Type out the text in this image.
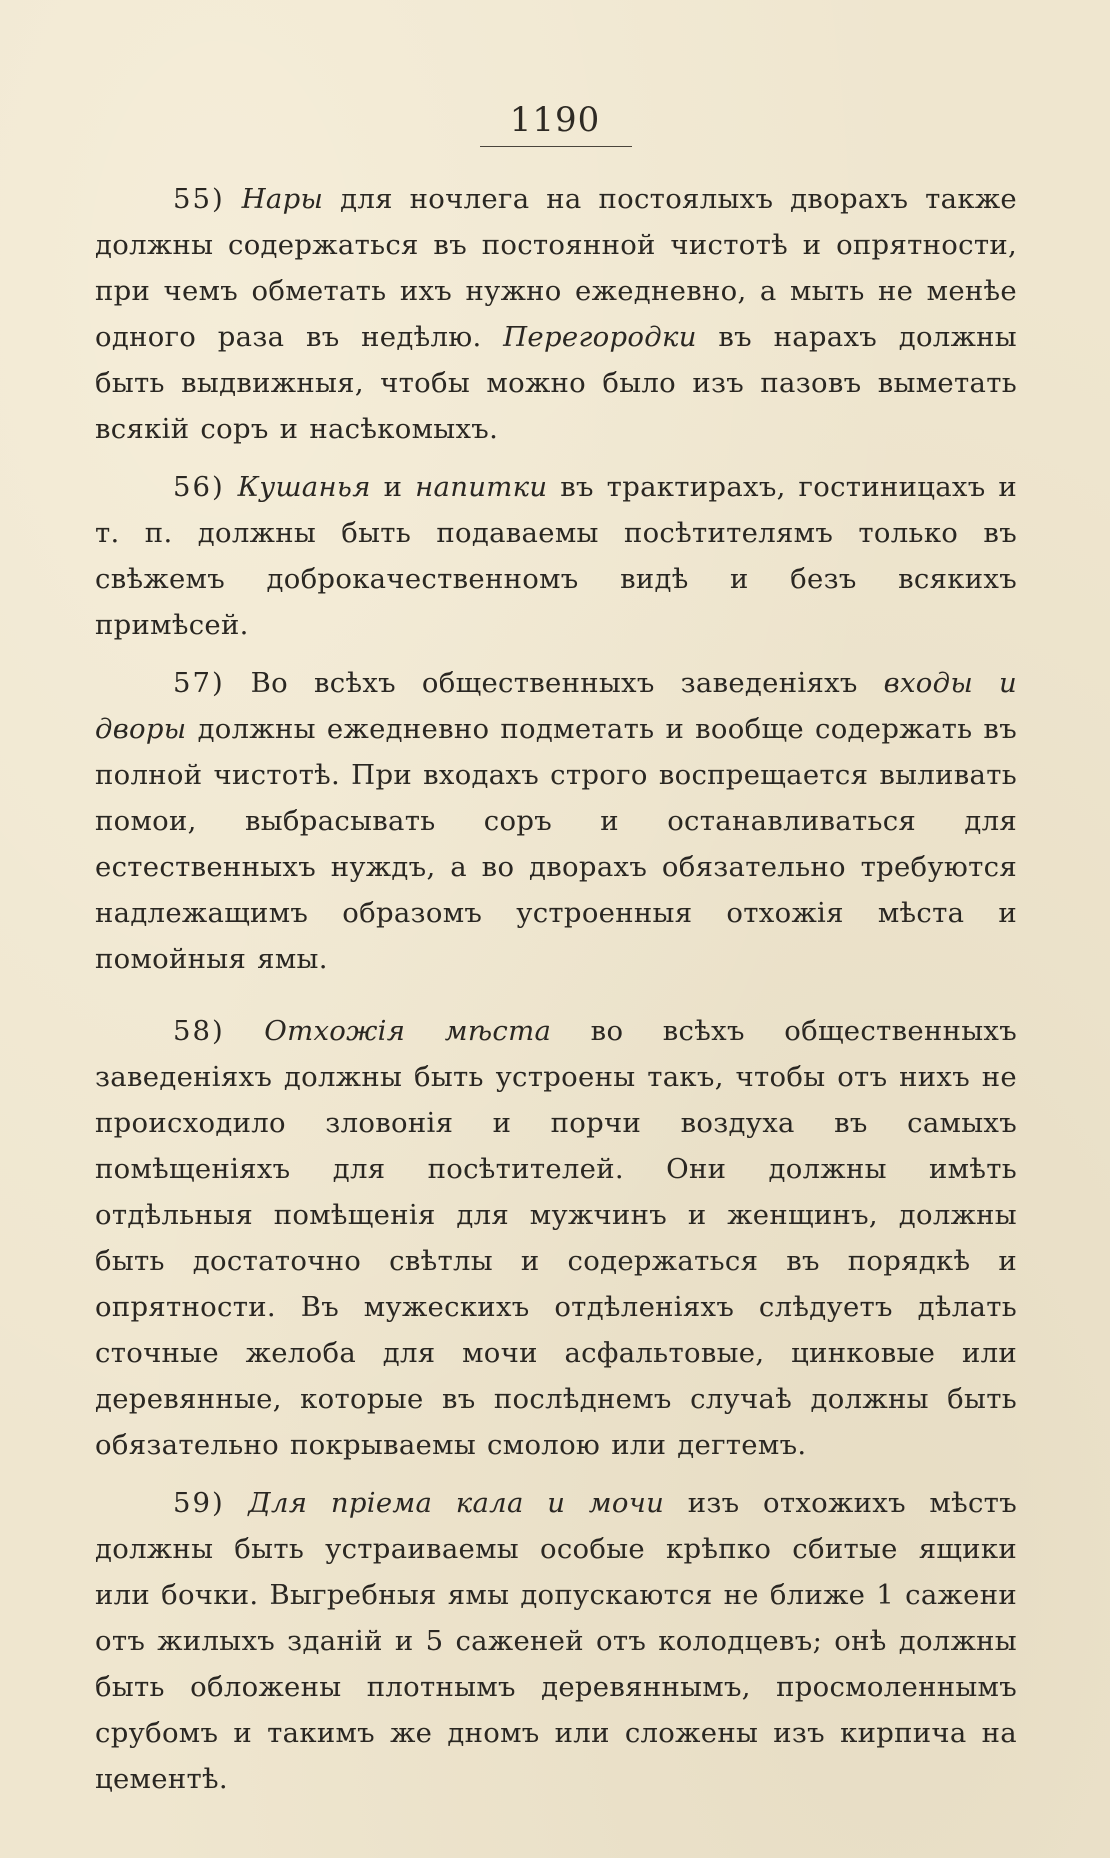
1190

55) Нары для ночлега на постоялыхъ дворахъ также должны содержаться въ постоянной чистотѣ и опрятности, при чемъ обметать ихъ нужно ежедневно, а мыть не менѣе одного раза въ недѣлю. Перегородки въ нарахъ должны быть выдвижныя, чтобы можно было изъ пазовъ выметать всякій соръ и насѣкомыхъ.

56) Кушанья и напитки въ трактирахъ, гостиницахъ и т. п. должны быть подаваемы посѣтителямъ только въ свѣжемъ доброкачественномъ видѣ и безъ всякихъ примѣсей.

57) Во всѣхъ общественныхъ заведеніяхъ входы и дворы должны ежедневно подметать и вообще содержать въ полной чистотѣ. При входахъ строго воспрещается выливать помои, выбрасывать соръ и останавливаться для естественныхъ нуждъ, а во дворахъ обязательно требуются надлежащимъ образомъ устроенныя отхожія мѣста и помойныя ямы.

58) Отхожія мѣста во всѣхъ общественныхъ заведеніяхъ должны быть устроены такъ, чтобы отъ нихъ не происходило зловонія и порчи воздуха въ самыхъ помѣщеніяхъ для посѣтителей. Они должны имѣть отдѣльныя помѣщенія для мужчинъ и женщинъ, должны быть достаточно свѣтлы и содержаться въ порядкѣ и опрятности. Въ мужескихъ отдѣленіяхъ слѣдуетъ дѣлать сточные желоба для мочи асфальтовые, цинковые или деревянные, которые въ послѣднемъ случаѣ должны быть обязательно покрываемы смолою или дегтемъ.

59) Для пріема кала и мочи изъ отхожихъ мѣстъ должны быть устраиваемы особые крѣпко сбитые ящики или бочки. Выгребныя ямы допускаются не ближе 1 сажени отъ жилыхъ зданій и 5 саженей отъ колодцевъ; онѣ должны быть обложены плотнымъ деревяннымъ, просмоленнымъ срубомъ и такимъ же дномъ или сложены изъ кирпича на цементѣ.
